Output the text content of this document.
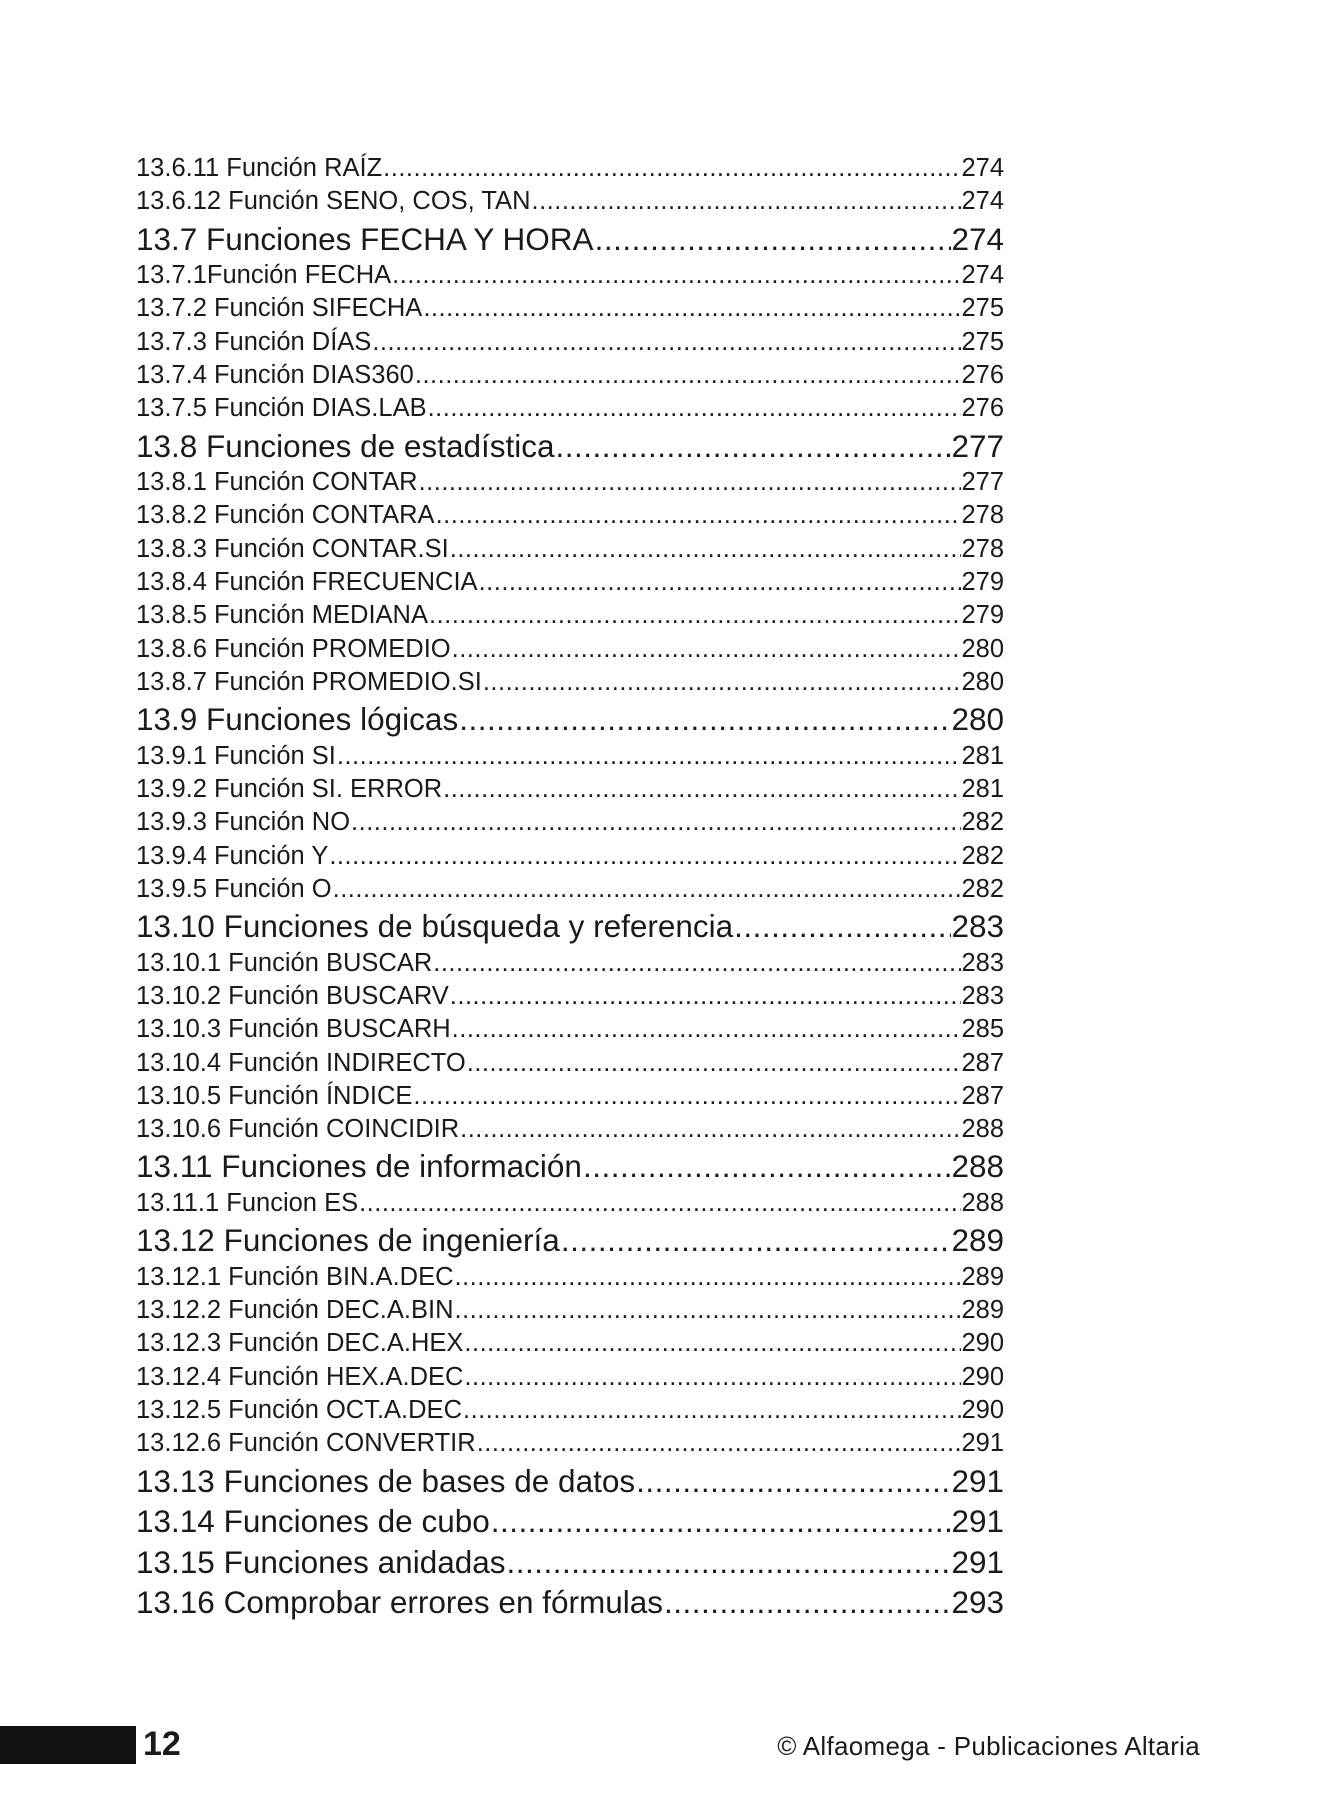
13.6.11 Función RAÍZ .....	274
13.6.12 Función SENO, COS, TAN .....	274
13.7 Funciones FECHA Y HORA .....	274
13.7.1Función FECHA .....	274
13.7.2 Función SIFECHA .....	275
13.7.3 Función DÍAS .....	275
13.7.4 Función DIAS360 .....	276
13.7.5 Función DIAS.LAB .....	276
13.8 Funciones de estadística .....	277
13.8.1 Función CONTAR .....	277
13.8.2 Función CONTARA .....	278
13.8.3 Función CONTAR.SI .....	278
13.8.4 Función FRECUENCIA .....	279
13.8.5 Función MEDIANA .....	279
13.8.6 Función PROMEDIO .....	280
13.8.7 Función PROMEDIO.SI .....	280
13.9 Funciones lógicas .....	280
13.9.1 Función SI .....	281
13.9.2 Función SI. ERROR .....	281
13.9.3 Función NO .....	282
13.9.4 Función Y .....	282
13.9.5 Función O .....	282
13.10 Funciones de búsqueda y referencia .....	283
13.10.1 Función BUSCAR .....	283
13.10.2 Función BUSCARV .....	283
13.10.3 Función BUSCARH .....	285
13.10.4 Función INDIRECTO .....	287
13.10.5 Función ÍNDICE .....	287
13.10.6 Función COINCIDIR .....	288
13.11 Funciones de información .....	288
13.11.1 Funcion ES .....	288
13.12 Funciones de ingeniería .....	289
13.12.1 Función BIN.A.DEC .....	289
13.12.2 Función DEC.A.BIN .....	289
13.12.3 Función DEC.A.HEX .....	290
13.12.4 Función HEX.A.DEC .....	290
13.12.5 Función OCT.A.DEC .....	290
13.12.6 Función CONVERTIR .....	291
13.13 Funciones de bases de datos .....	291
13.14 Funciones de cubo .....	291
13.15 Funciones anidadas .....	291
13.16 Comprobar errores en fórmulas .....	293
12	© Alfaomega - Publicaciones Altaria
